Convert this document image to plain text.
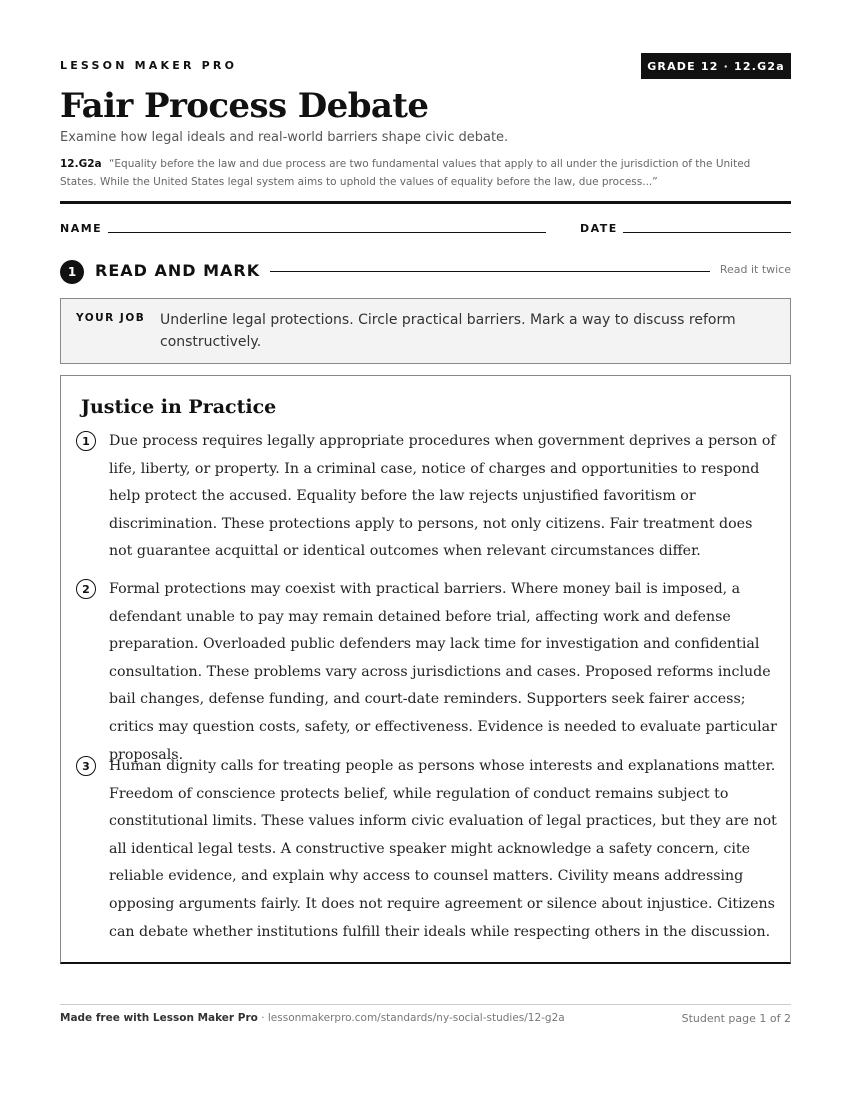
LESSON MAKER PRO	GRADE 12 · 12.G2a
Fair Process Debate
Examine how legal ideals and real-world barriers shape civic debate.
12.G2a “Equality before the law and due process are two fundamental values that apply to all under the jurisdiction of the United States. While the United States legal system aims to uphold the values of equality before the law, due process...”
NAME	DATE
1	READ AND MARK	Read it twice
YOUR JOB Underline legal protections. Circle practical barriers. Mark a way to discuss reform constructively.
Justice in Practice
1	Due process requires legally appropriate procedures when government deprives a person of life, liberty, or property. In a criminal case, notice of charges and opportunities to respond help protect the accused. Equality before the law rejects unjustified favoritism or discrimination. These protections apply to persons, not only citizens. Fair treatment does not guarantee acquittal or identical outcomes when relevant circumstances differ.

2	Formal protections may coexist with practical barriers. Where money bail is imposed, a defendant unable to pay may remain detained before trial, affecting work and defense preparation. Overloaded public defenders may lack time for investigation and confidential consultation. These problems vary across jurisdictions and cases. Proposed reforms include bail changes, defense funding, and court-date reminders. Supporters seek fairer access; critics may question costs, safety, or effectiveness. Evidence is needed to evaluate particular proposals.

3	Human dignity calls for treating people as persons whose interests and explanations matter. Freedom of conscience protects belief, while regulation of conduct remains subject to constitutional limits. These values inform civic evaluation of legal practices, but they are not all identical legal tests. A constructive speaker might acknowledge a safety concern, cite reliable evidence, and explain why access to counsel matters. Civility means addressing opposing arguments fairly. It does not require agreement or silence about injustice. Citizens can debate whether institutions fulfill their ideals while respecting others in the discussion.

Made free with Lesson Maker Pro · lessonmakerpro.com/standards/ny-social-studies/12-g2a	Student page 1 of 2
